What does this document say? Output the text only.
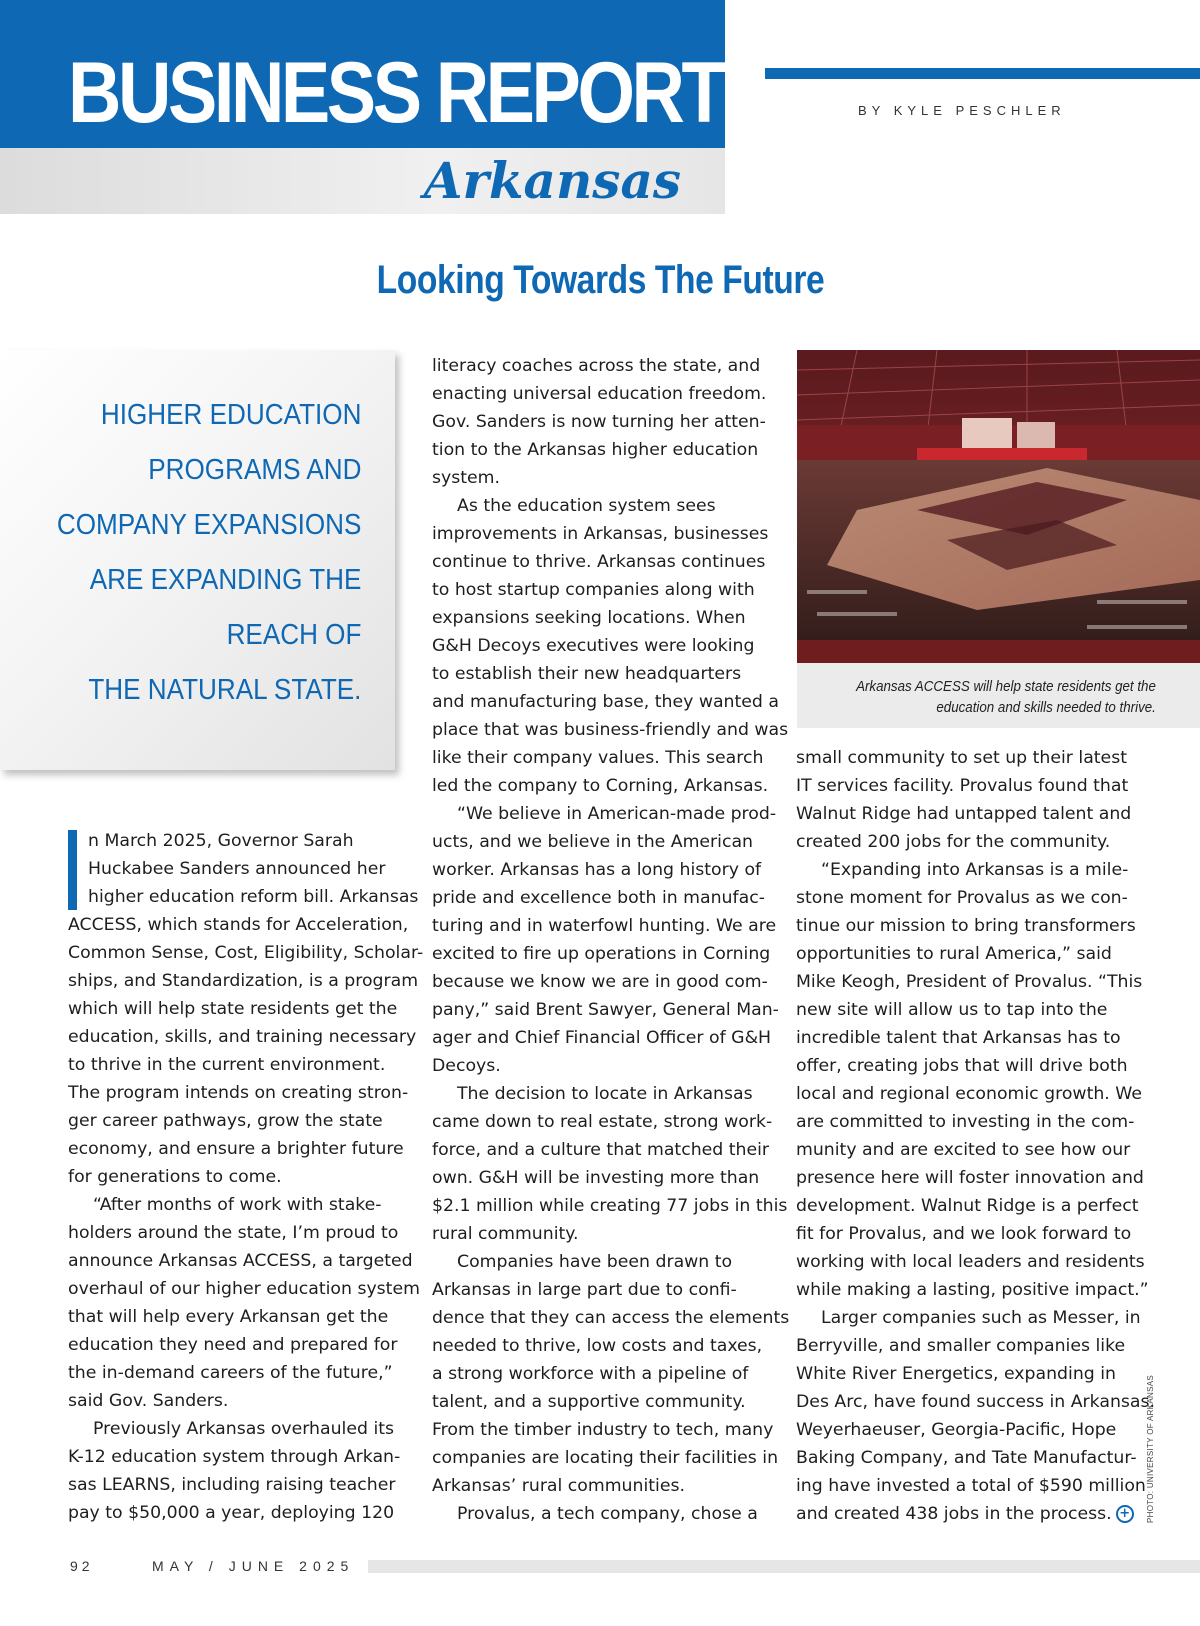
BUSINESS REPORT
Arkansas
BY KYLE PESCHLER
Looking Towards The Future
HIGHER EDUCATION
PROGRAMS AND
COMPANY EXPANSIONS
ARE EXPANDING THE
REACH OF
THE NATURAL STATE.
n March 2025, Governor Sarah
Huckabee Sanders announced her
higher education reform bill. Arkansas
ACCESS, which stands for Acceleration,
Common Sense, Cost, Eligibility, Scholar-
ships, and Standardization, is a program
which will help state residents get the
education, skills, and training necessary
to thrive in the current environment.
The program intends on creating stron-
ger career pathways, grow the state
economy, and ensure a brighter future
for generations to come.
“After months of work with stake-
holders around the state, I’m proud to
announce Arkansas ACCESS, a targeted
overhaul of our higher education system
that will help every Arkansan get the
education they need and prepared for
the in-demand careers of the future,”
said Gov. Sanders.
Previously Arkansas overhauled its
K-12 education system through Arkan-
sas LEARNS, including raising teacher
pay to $50,000 a year, deploying 120
literacy coaches across the state, and
enacting universal education freedom.
Gov. Sanders is now turning her atten-
tion to the Arkansas higher education
system.
As the education system sees
improvements in Arkansas, businesses
continue to thrive. Arkansas continues
to host startup companies along with
expansions seeking locations. When
G&H Decoys executives were looking
to establish their new headquarters
and manufacturing base, they wanted a
place that was business-friendly and was
like their company values. This search
led the company to Corning, Arkansas.
“We believe in American-made prod-
ucts, and we believe in the American
worker. Arkansas has a long history of
pride and excellence both in manufac-
turing and in waterfowl hunting. We are
excited to fire up operations in Corning
because we know we are in good com-
pany,” said Brent Sawyer, General Man-
ager and Chief Financial Officer of G&H
Decoys.
The decision to locate in Arkansas
came down to real estate, strong work-
force, and a culture that matched their
own. G&H will be investing more than
$2.1 million while creating 77 jobs in this
rural community.
Companies have been drawn to
Arkansas in large part due to confi-
dence that they can access the elements
needed to thrive, low costs and taxes,
a strong workforce with a pipeline of
talent, and a supportive community.
From the timber industry to tech, many
companies are locating their facilities in
Arkansas’ rural communities.
Provalus, a tech company, chose a
Arkansas ACCESS will help state residents get the
education and skills needed to thrive.
small community to set up their latest
IT services facility. Provalus found that
Walnut Ridge had untapped talent and
created 200 jobs for the community.
“Expanding into Arkansas is a mile-
stone moment for Provalus as we con-
tinue our mission to bring transformers
opportunities to rural America,” said
Mike Keogh, President of Provalus. “This
new site will allow us to tap into the
incredible talent that Arkansas has to
offer, creating jobs that will drive both
local and regional economic growth. We
are committed to investing in the com-
munity and are excited to see how our
presence here will foster innovation and
development. Walnut Ridge is a perfect
fit for Provalus, and we look forward to
working with local leaders and residents
while making a lasting, positive impact.”
Larger companies such as Messer, in
Berryville, and smaller companies like
White River Energetics, expanding in
Des Arc, have found success in Arkansas.
Weyerhaeuser, Georgia-Pacific, Hope
Baking Company, and Tate Manufactur-
ing have invested a total of $590 million
and created 438 jobs in the process. +	PHOTO: UNIVERSITY OF ARKANSAS
92	MAY / JUNE 2025
